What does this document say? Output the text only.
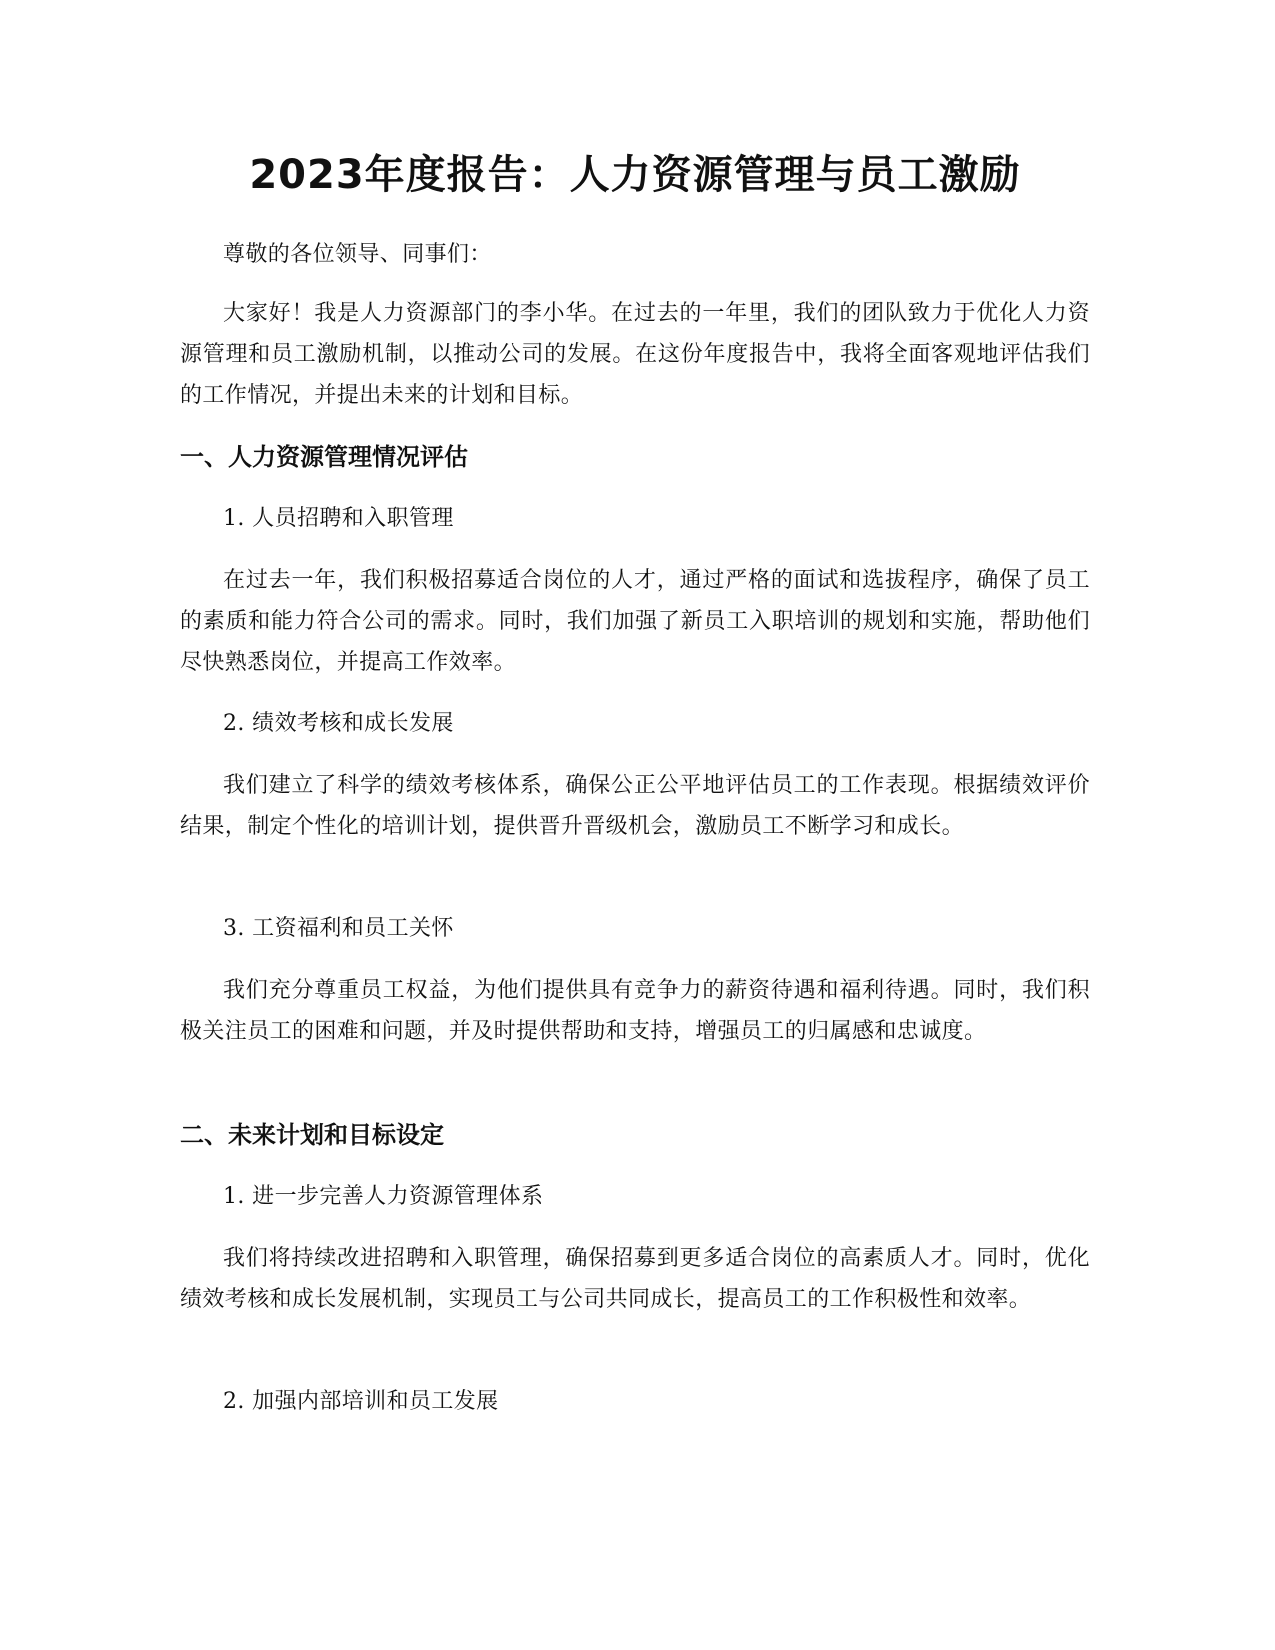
2023年度报告：人力资源管理与员工激励

尊敬的各位领导、同事们：

大家好！我是人力资源部门的李小华。在过去的一年里，我们的团队致力于优化人力资源管理和员工激励机制，以推动公司的发展。在这份年度报告中，我将全面客观地评估我们的工作情况，并提出未来的计划和目标。

一、人力资源管理情况评估

1. 人员招聘和入职管理

在过去一年，我们积极招募适合岗位的人才，通过严格的面试和选拔程序，确保了员工的素质和能力符合公司的需求。同时，我们加强了新员工入职培训的规划和实施，帮助他们尽快熟悉岗位，并提高工作效率。

2. 绩效考核和成长发展

我们建立了科学的绩效考核体系，确保公正公平地评估员工的工作表现。根据绩效评价结果，制定个性化的培训计划，提供晋升晋级机会，激励员工不断学习和成长。

3. 工资福利和员工关怀

我们充分尊重员工权益，为他们提供具有竞争力的薪资待遇和福利待遇。同时，我们积极关注员工的困难和问题，并及时提供帮助和支持，增强员工的归属感和忠诚度。

二、未来计划和目标设定

1. 进一步完善人力资源管理体系

我们将持续改进招聘和入职管理，确保招募到更多适合岗位的高素质人才。同时，优化绩效考核和成长发展机制，实现员工与公司共同成长，提高员工的工作积极性和效率。

2. 加强内部培训和员工发展
